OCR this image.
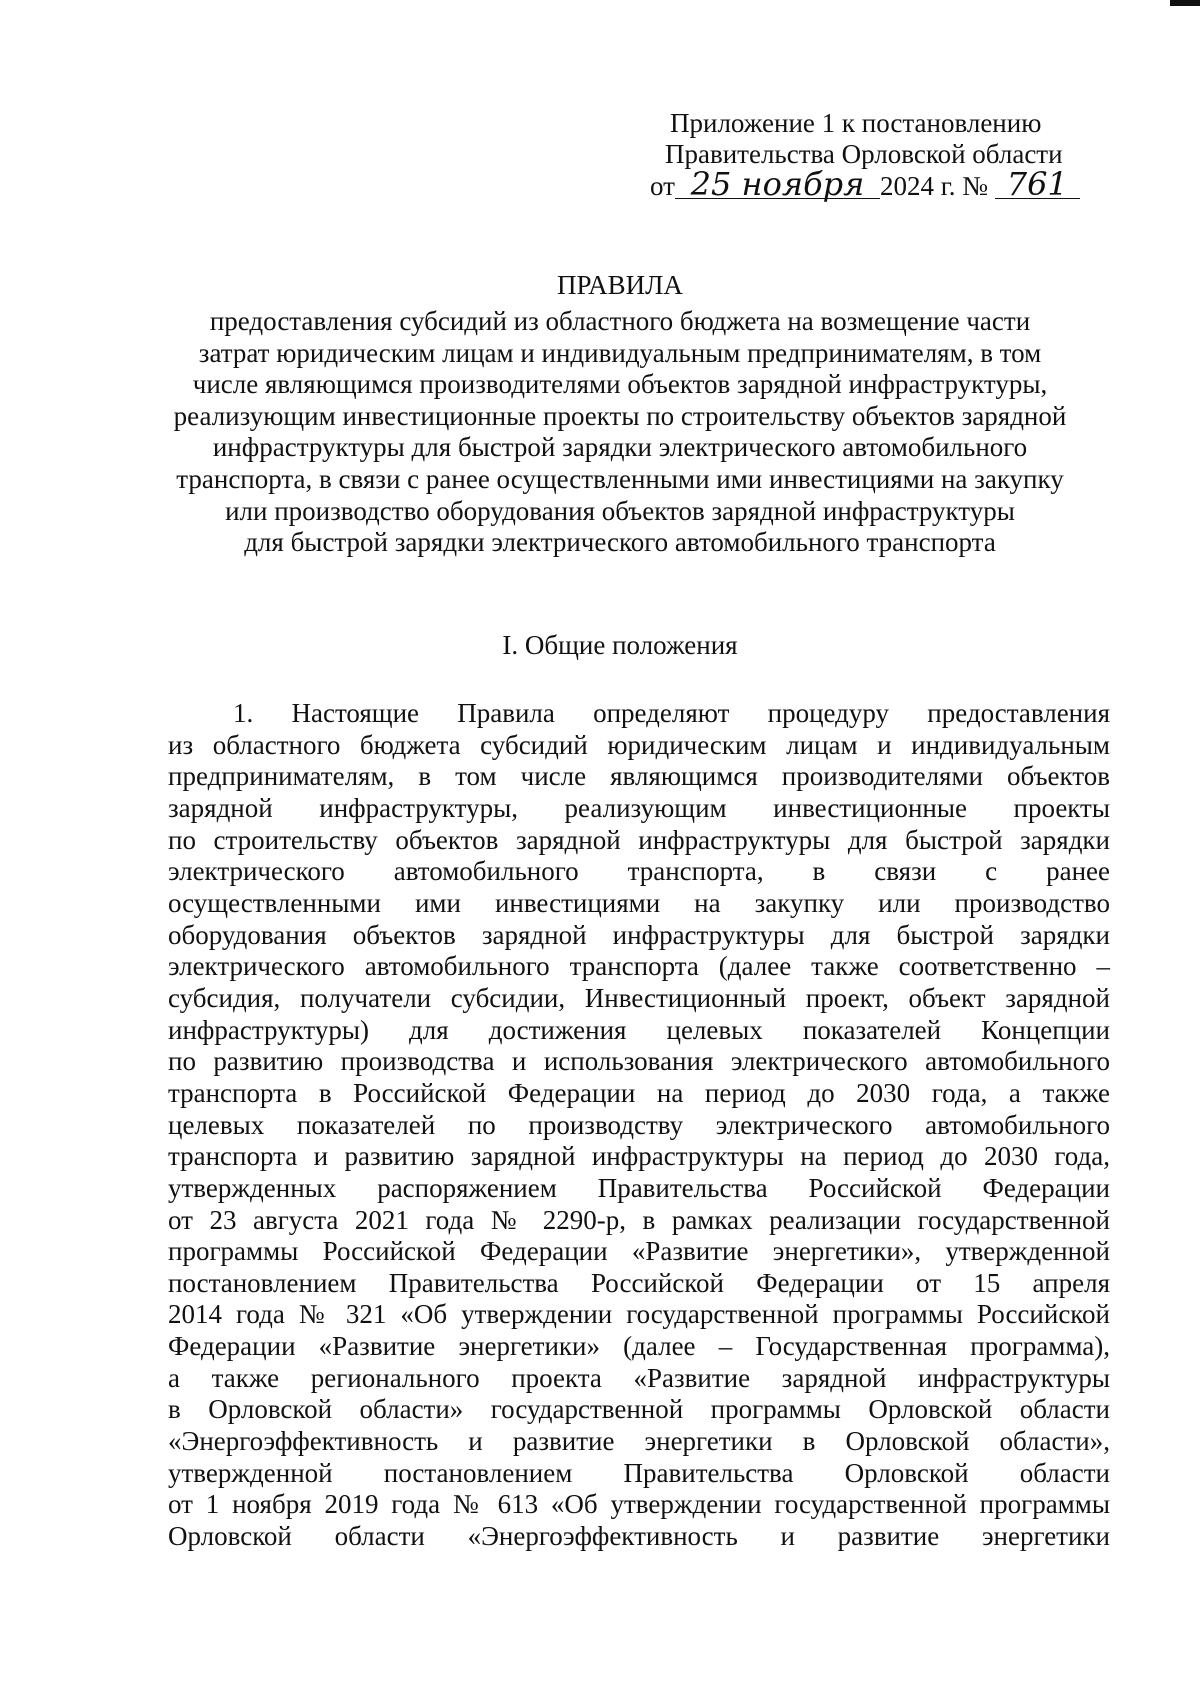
Приложение 1 к постановлению
Правительства Орловской области
от 25 ноября 2024 г. № 761
ПРАВИЛА
предоставления субсидий из областного бюджета на возмещение части
затрат юридическим лицам и индивидуальным предпринимателям, в том
числе являющимся производителями объектов зарядной инфраструктуры,
реализующим инвестиционные проекты по строительству объектов зарядной
инфраструктуры для быстрой зарядки электрического автомобильного
транспорта, в связи с ранее осуществленными ими инвестициями на закупку
или производство оборудования объектов зарядной инфраструктуры
для быстрой зарядки электрического автомобильного транспорта
I. Общие положения
1. Настоящие Правила определяют процедуру предоставления
из областного бюджета субсидий юридическим лицам и индивидуальным
предпринимателям, в том числе являющимся производителями объектов
зарядной инфраструктуры, реализующим инвестиционные проекты
по строительству объектов зарядной инфраструктуры для быстрой зарядки
электрического автомобильного транспорта, в связи с ранее
осуществленными ими инвестициями на закупку или производство
оборудования объектов зарядной инфраструктуры для быстрой зарядки
электрического автомобильного транспорта (далее также соответственно –
субсидия, получатели субсидии, Инвестиционный проект, объект зарядной
инфраструктуры) для достижения целевых показателей Концепции
по развитию производства и использования электрического автомобильного
транспорта в Российской Федерации на период до 2030 года, а также
целевых показателей по производству электрического автомобильного
транспорта и развитию зарядной инфраструктуры на период до 2030 года,
утвержденных распоряжением Правительства Российской Федерации
от 23 августа 2021 года № 2290-р, в рамках реализации государственной
программы Российской Федерации «Развитие энергетики», утвержденной
постановлением Правительства Российской Федерации от 15 апреля
2014 года № 321 «Об утверждении государственной программы Российской
Федерации «Развитие энергетики» (далее – Государственная программа),
а также регионального проекта «Развитие зарядной инфраструктуры
в Орловской области» государственной программы Орловской области
«Энергоэффективность и развитие энергетики в Орловской области»,
утвержденной постановлением Правительства Орловской области
от 1 ноября 2019 года № 613 «Об утверждении государственной программы
Орловской области «Энергоэффективность и развитие энергетики
